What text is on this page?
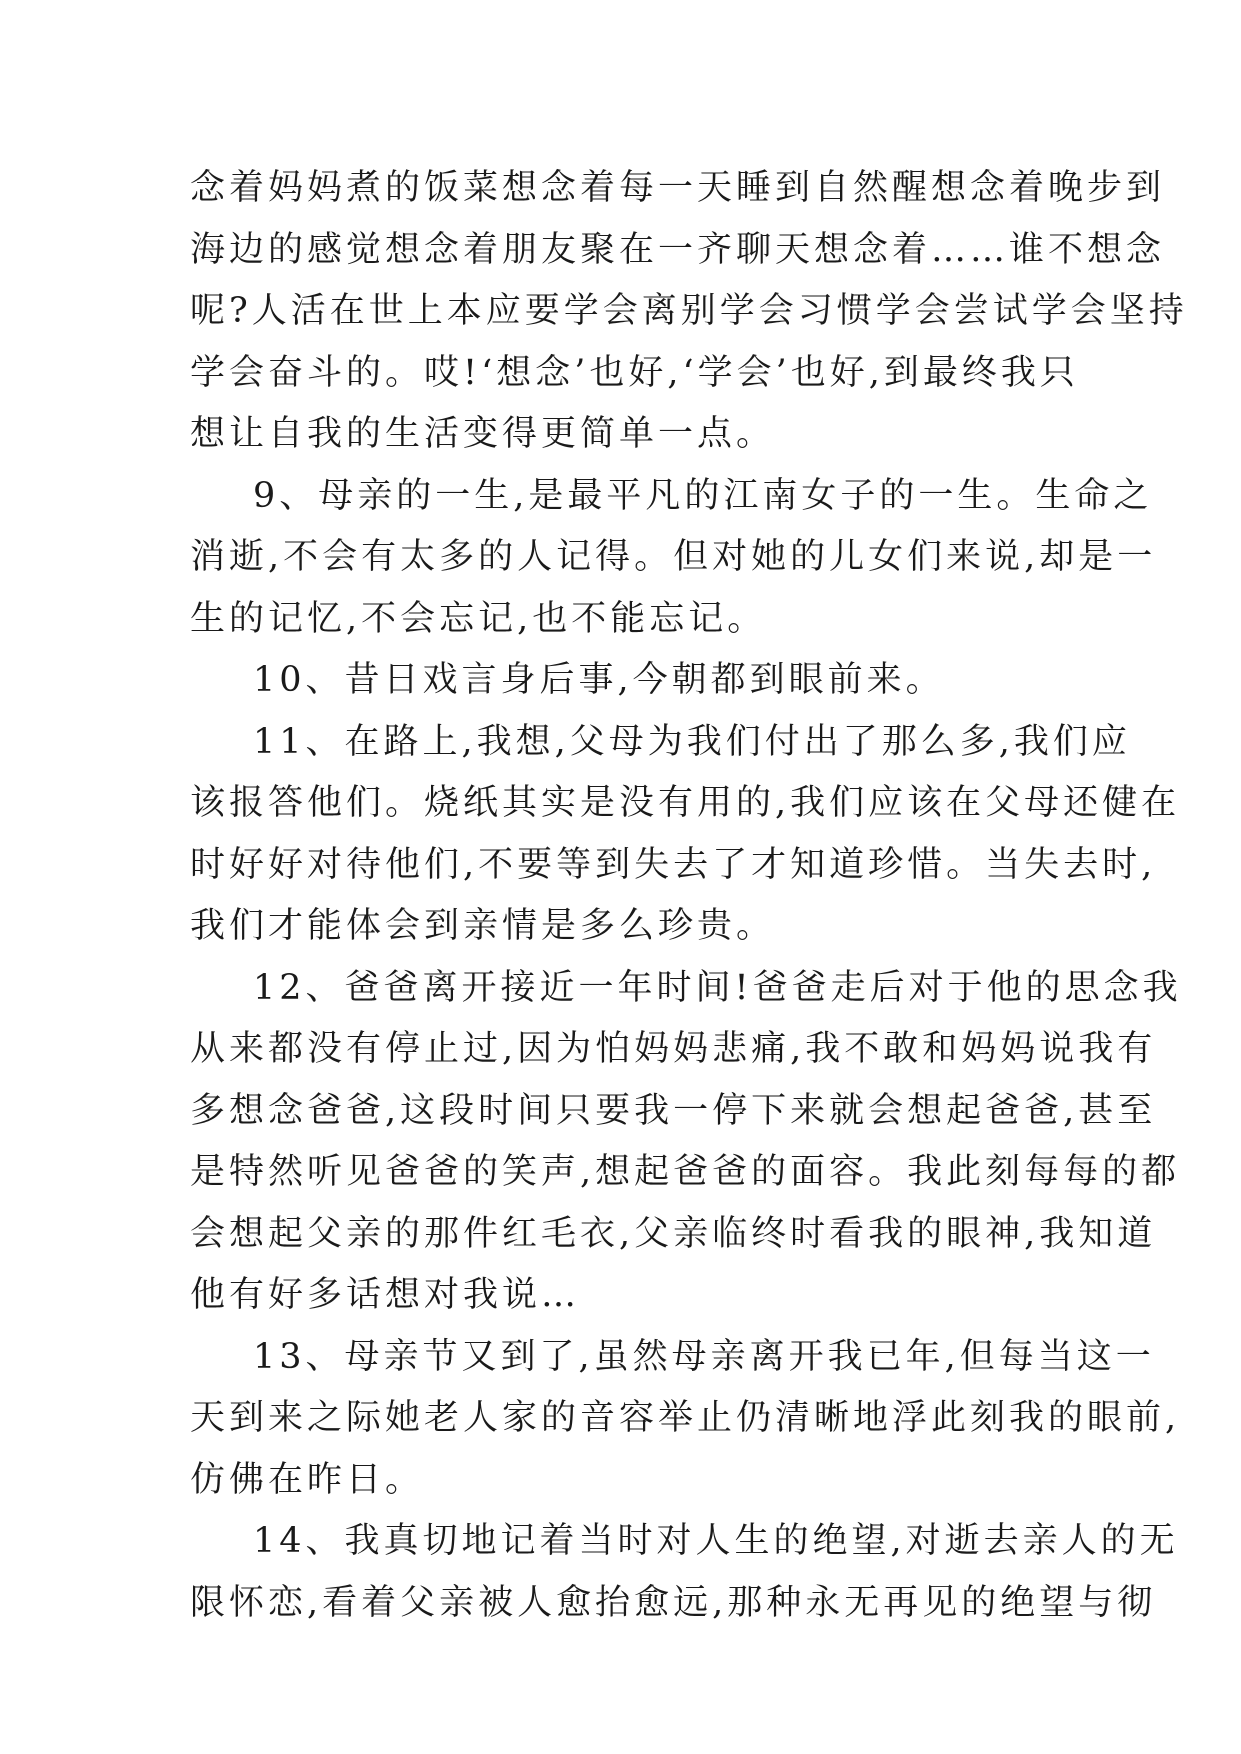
念着妈妈煮的饭菜想念着每一天睡到自然醒想念着晚步到
海边的感觉想念着朋友聚在一齐聊天想念着……谁不想念
呢?人活在世上本应要学会离别学会习惯学会尝试学会坚持
学会奋斗的。哎!‘想念’也好,‘学会’也好,到最终我只
想让自我的生活变得更简单一点。
9、母亲的一生,是最平凡的江南女子的一生。生命之
消逝,不会有太多的人记得。但对她的儿女们来说,却是一
生的记忆,不会忘记,也不能忘记。
10、昔日戏言身后事,今朝都到眼前来。
11、在路上,我想,父母为我们付出了那么多,我们应
该报答他们。烧纸其实是没有用的,我们应该在父母还健在
时好好对待他们,不要等到失去了才知道珍惜。当失去时,
我们才能体会到亲情是多么珍贵。
12、爸爸离开接近一年时间!爸爸走后对于他的思念我
从来都没有停止过,因为怕妈妈悲痛,我不敢和妈妈说我有
多想念爸爸,这段时间只要我一停下来就会想起爸爸,甚至
是特然听见爸爸的笑声,想起爸爸的面容。我此刻每每的都
会想起父亲的那件红毛衣,父亲临终时看我的眼神,我知道
他有好多话想对我说…
13、母亲节又到了,虽然母亲离开我已年,但每当这一
天到来之际她老人家的音容举止仍清晰地浮此刻我的眼前,
仿佛在昨日。
14、我真切地记着当时对人生的绝望,对逝去亲人的无
限怀恋,看着父亲被人愈抬愈远,那种永无再见的绝望与彻
